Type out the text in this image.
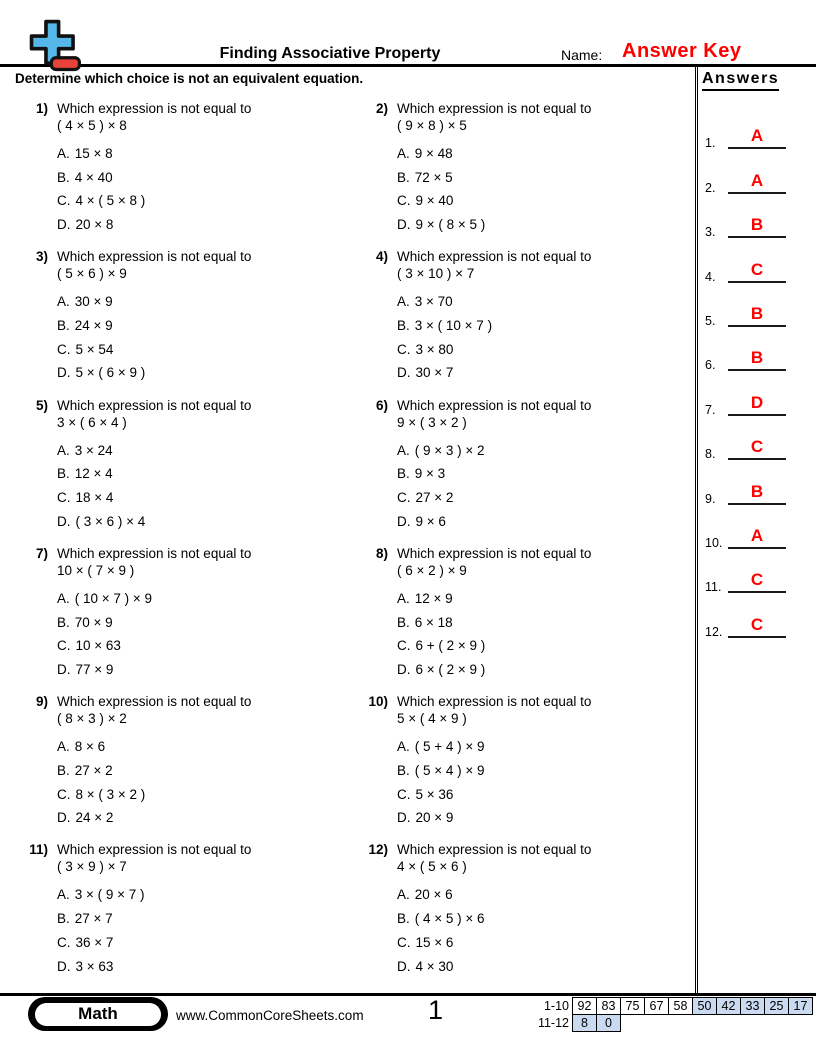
Finding Associative Property	Name: Answer Key
Determine which choice is not an equivalent equation.	Answers
1) Which expression is not equal to
( 4 × 5 ) × 8
A. 15 × 8
B. 4 × 40
C. 4 × ( 5 × 8 )
D. 20 × 8
2) Which expression is not equal to
( 9 × 8 ) × 5
A. 9 × 48
B. 72 × 5
C. 9 × 40
D. 9 × ( 8 × 5 )
3) Which expression is not equal to
( 5 × 6 ) × 9
A. 30 × 9
B. 24 × 9
C. 5 × 54
D. 5 × ( 6 × 9 )
4) Which expression is not equal to
( 3 × 10 ) × 7
A. 3 × 70
B. 3 × ( 10 × 7 )
C. 3 × 80
D. 30 × 7
5) Which expression is not equal to
3 × ( 6 × 4 )
A. 3 × 24
B. 12 × 4
C. 18 × 4
D. ( 3 × 6 ) × 4
6) Which expression is not equal to
9 × ( 3 × 2 )
A. ( 9 × 3 ) × 2
B. 9 × 3
C. 27 × 2
D. 9 × 6
7) Which expression is not equal to
10 × ( 7 × 9 )
A. ( 10 × 7 ) × 9
B. 70 × 9
C. 10 × 63
D. 77 × 9
8) Which expression is not equal to
( 6 × 2 ) × 9
A. 12 × 9
B. 6 × 18
C. 6 + ( 2 × 9 )
D. 6 × ( 2 × 9 )
9) Which expression is not equal to
( 8 × 3 ) × 2
A. 8 × 6
B. 27 × 2
C. 8 × ( 3 × 2 )
D. 24 × 2
10) Which expression is not equal to
5 × ( 4 × 9 )
A. ( 5 + 4 ) × 9
B. ( 5 × 4 ) × 9
C. 5 × 36
D. 20 × 9
11) Which expression is not equal to
( 3 × 9 ) × 7
A. 3 × ( 9 × 7 )
B. 27 × 7
C. 36 × 7
D. 3 × 63
12) Which expression is not equal to
4 × ( 5 × 6 )
A. 20 × 6
B. ( 4 × 5 ) × 6
C. 15 × 6
D. 4 × 30
1.	A
2.	A
3.	B
4.	C
5.	B
6.	B
7.	D
8.	C
9.	B
10.	A
11.	C
12.	C
Math	www.CommonCoreSheets.com 1	1-10 92 83 75 67 58 50 42 33 25 17
11-12 8	0
